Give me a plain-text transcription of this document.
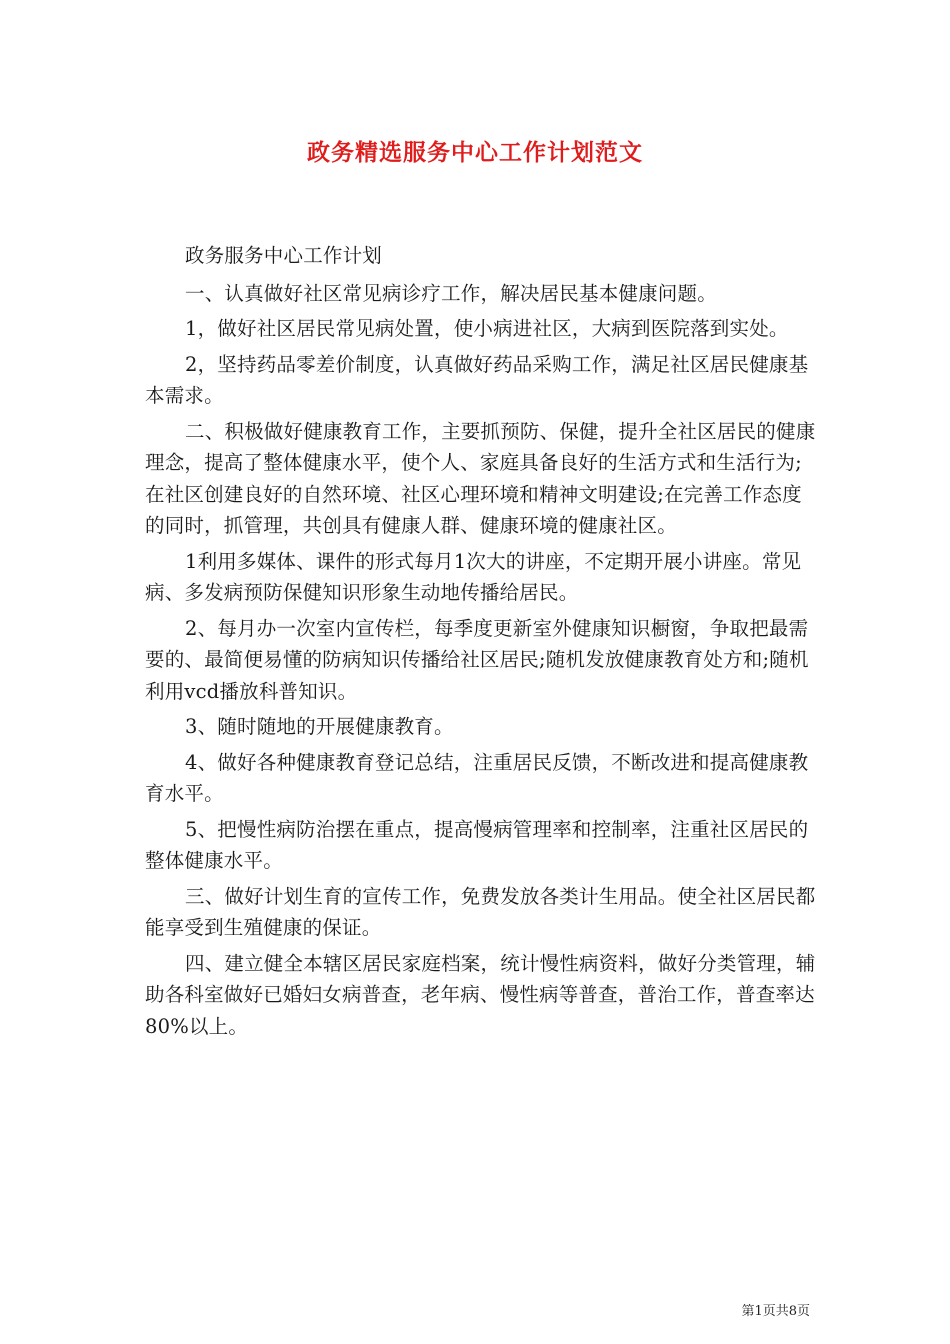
政务精选服务中心工作计划范文

政务服务中心工作计划

一、认真做好社区常见病诊疗工作，解决居民基本健康问题。

1，做好社区居民常见病处置，使小病进社区，大病到医院落到实处。

2，坚持药品零差价制度，认真做好药品采购工作，满足社区居民健康基本需求。

二、积极做好健康教育工作，主要抓预防、保健，提升全社区居民的健康理念，提高了整体健康水平，使个人、家庭具备良好的生活方式和生活行为;在社区创建良好的自然环境、社区心理环境和精神文明建设;在完善工作态度的同时，抓管理，共创具有健康人群、健康环境的健康社区。

1利用多媒体、课件的形式每月1次大的讲座，不定期开展小讲座。常见病、多发病预防保健知识形象生动地传播给居民。

2、每月办一次室内宣传栏，每季度更新室外健康知识橱窗，争取把最需要的、最简便易懂的防病知识传播给社区居民;随机发放健康教育处方和;随机利用vcd播放科普知识。

3、随时随地的开展健康教育。

4、做好各种健康教育登记总结，注重居民反馈，不断改进和提高健康教育水平。

5、把慢性病防治摆在重点，提高慢病管理率和控制率，注重社区居民的整体健康水平。

三、做好计划生育的宣传工作，免费发放各类计生用品。使全社区居民都能享受到生殖健康的保证。

四、建立健全本辖区居民家庭档案，统计慢性病资料，做好分类管理，辅助各科室做好已婚妇女病普查，老年病、慢性病等普查，普治工作，普查率达80%以上。

第1页共8页
